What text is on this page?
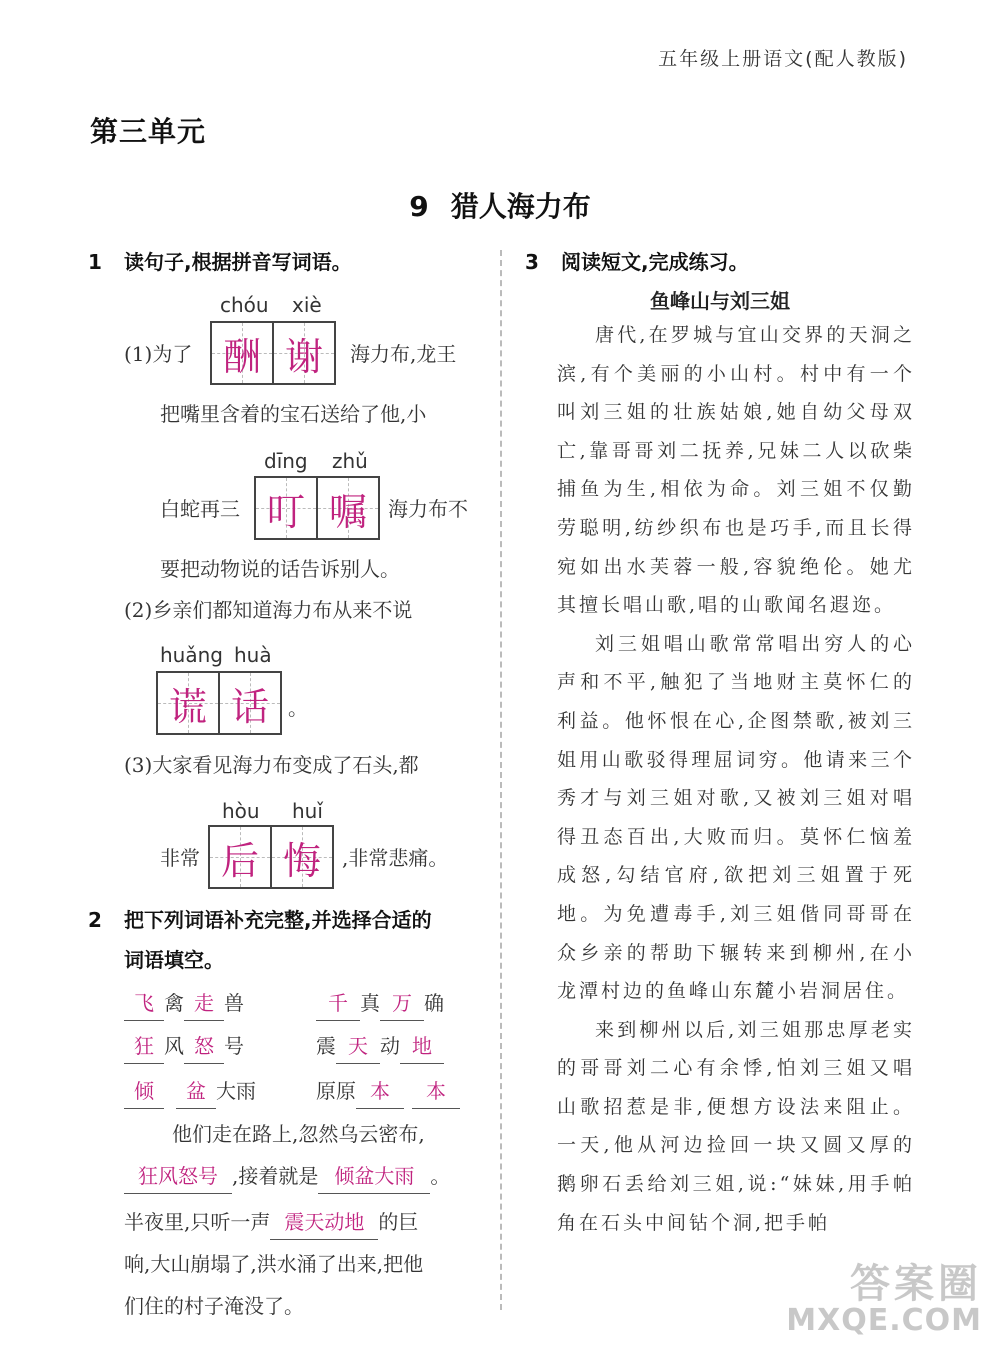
五年级上册语文(配人教版)
第三单元
9 猎人海力布
1 读句子,根据拼音写词语。
chóu xiè
(1)为了 酬 谢 海力布,龙王
把嘴里含着的宝石送给了他,小
dīng zhǔ
白蛇再三 叮 嘱 海力布不
要把动物说的话告诉别人。
(2)乡亲们都知道海力布从来不说
huǎng huà
谎 话 。
(3)大家看见海力布变成了石头,都
hòu huǐ
非常 后 悔 ,非常悲痛。
2 把下列词语补充完整,并选择合适的
词语填空。
飞 禽 走 兽	千 真 万 确
狂 风 怒 号	震 天 动 地
倾 盆 大雨	原原 本 本
他们走在路上,忽然乌云密布,
狂风怒号 ,接着就是 倾盆大雨 。
半夜里,只听一声 震天动地 的巨
响,大山崩塌了,洪水涌了出来,把他
们住的村子淹没了。
3 阅读短文,完成练习。
鱼峰山与刘三姐

唐代,在罗城与宜山交界的天洞之滨,有个美丽的小山村。村中有一个叫刘三姐的壮族姑娘,她自幼父母双亡,靠哥哥刘二抚养,兄妹二人以砍柴捕鱼为生,相依为命。刘三姐不仅勤劳聪明,纺纱织布也是巧手,而且长得宛如出水芙蓉一般,容貌绝伦。她尤其擅长唱山歌,唱的山歌闻名遐迩。

刘三姐唱山歌常常唱出穷人的心声和不平,触犯了当地财主莫怀仁的利益。他怀恨在心,企图禁歌,被刘三姐用山歌驳得理屈词穷。他请来三个秀才与刘三姐对歌,又被刘三姐对唱得丑态百出,大败而归。莫怀仁恼羞成怒,勾结官府,欲把刘三姐置于死地。为免遭毒手,刘三姐偕同哥哥在众乡亲的帮助下辗转来到柳州,在小龙潭村边的鱼峰山东麓小岩洞居住。

来到柳州以后,刘三姐那忠厚老实的哥哥刘二心有余悸,怕刘三姐又唱山歌招惹是非,便想方设法来阻止。一天,他从河边捡回一块又圆又厚的鹅卵石丢给刘三姐,说:“妹妹,用手帕角在石头中间钻个洞,把手帕

答案圈
MXQE.COM
